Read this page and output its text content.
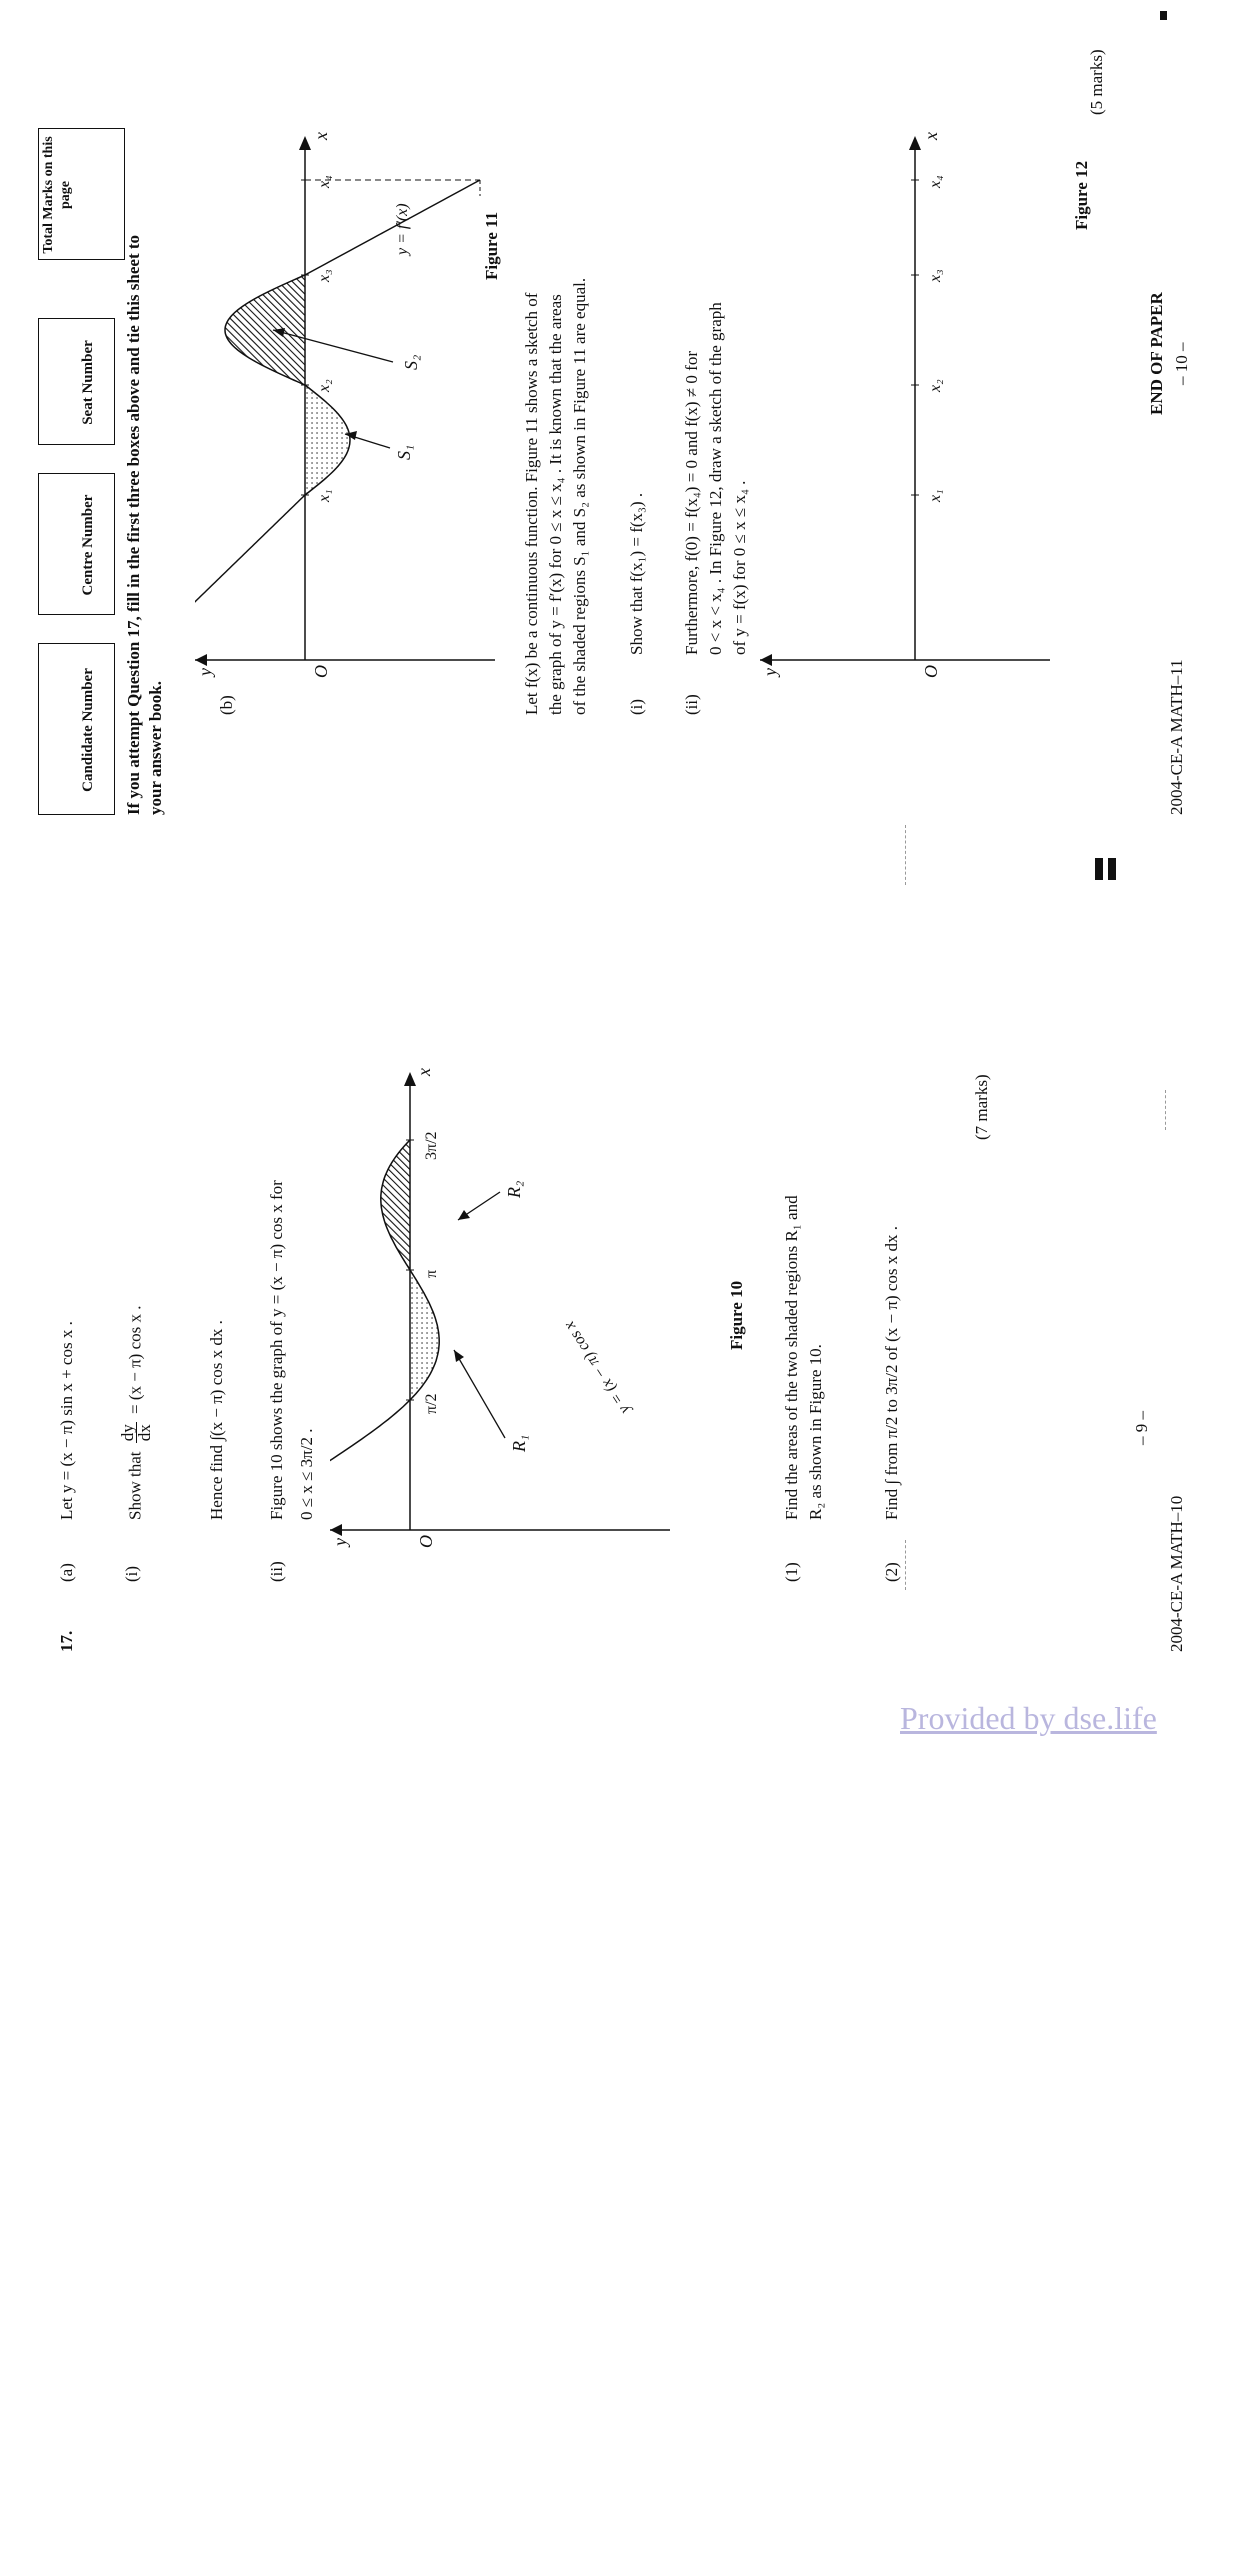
17.
(a)
Let y = (x − π) sin x + cos x .
(i)
Show that
dy
dx
= (x − π) cos x .	Hence find ∫(x − π) cos x dx .
(ii)
Figure 10 shows the graph of y = (x − π) cos x for 0 ≤ x ≤ 3π/2 .
y
x
O
π/2
π
3π/2
R₁
R₂
y = (x − π) cos x
Figure 10
(1)
Find the areas of the two shaded regions R₁ and R₂ as shown in Figure 10.
(2)
Find ∫ from π/2 to 3π/2 of (x − π) cos x dx .
(7 marks)
– 9 –
2004-CE-A MATH–10
Candidate Number
Centre Number
Seat Number
Total Marks on this page
If you attempt Question 17, fill in the first three boxes above and tie this sheet to your answer book.	(b)
y
x
O
x₁
x₂
x₃
x₄
S₁
S₂
y = f′(x)	Figure 11
Let f(x) be a continuous function. Figure 11 shows a sketch of the graph of y = f′(x) for 0 ≤ x ≤ x₄ . It is known that the areas of the shaded regions S₁ and S₂ as shown in Figure 11 are equal. (i)
Show that f(x₁) = f(x₃) .
(ii)
Furthermore, f(0) = f(x₄) = 0 and f(x) ≠ 0 for 0 < x < x₄ . In Figure 12, draw a sketch of the graph of y = f(x) for 0 ≤ x ≤ x₄ .
y
x
O
x₁
x₂
x₃
x₄
(5 marks)
Figure 12
END OF PAPER – 10 –
2004-CE-A MATH–11
Provided by dse.life
